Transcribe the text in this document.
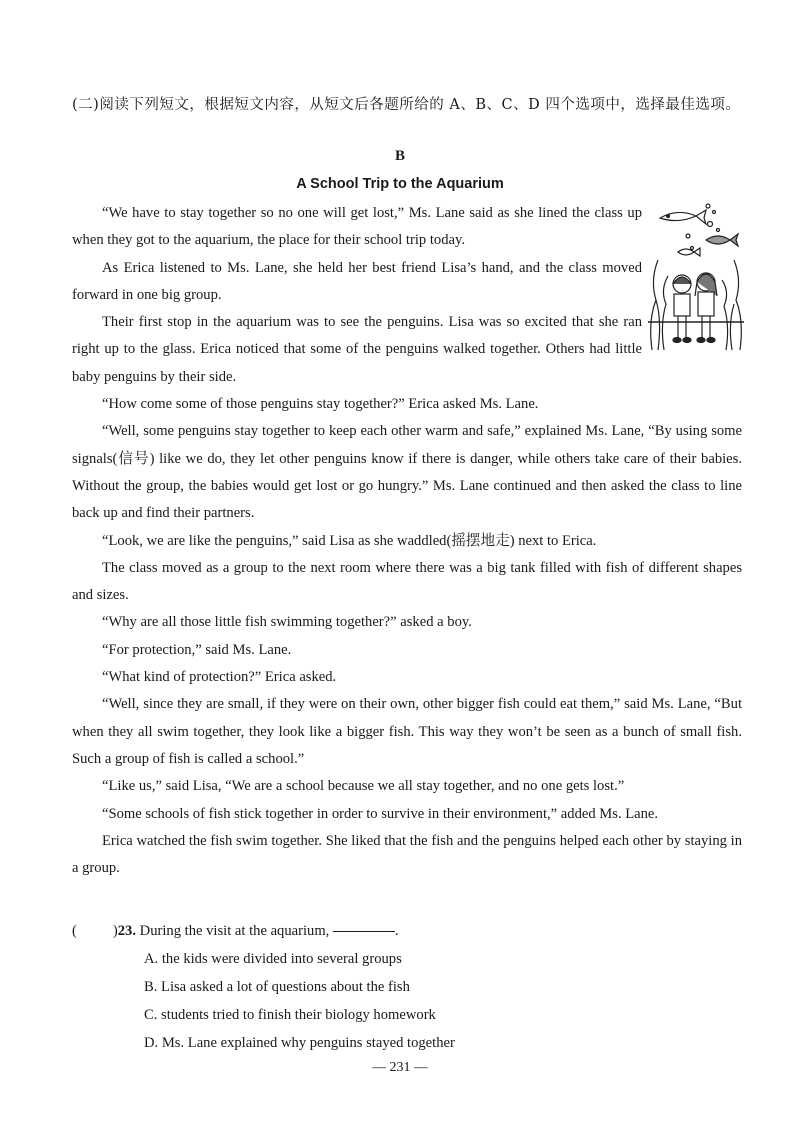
(二)阅读下列短文，根据短文内容，从短文后各题所给的 A、B、C、D 四个选项中，选择最佳选项。

B
A School Trip to the Aquarium

“We have to stay together so no one will get lost,” Ms. Lane said as she lined the class up when they got to the aquarium, the place for their school trip today.

As Erica listened to Ms. Lane, she held her best friend Lisa’s hand, and the class moved forward in one big group.

Their first stop in the aquarium was to see the penguins. Lisa was so excited that she ran right up to the glass. Erica noticed that some of the penguins walked together. Others had little baby penguins by their side.

“How come some of those penguins stay together?” Erica asked Ms. Lane.

“Well, some penguins stay together to keep each other warm and safe,” explained Ms. Lane, “By using some signals(信号) like we do, they let other penguins know if there is danger, while others take care of their babies. Without the group, the babies would get lost or go hungry.” Ms. Lane continued and then asked the class to line back up and find their partners.

“Look, we are like the penguins,” said Lisa as she waddled(摇摆地走) next to Erica.

The class moved as a group to the next room where there was a big tank filled with fish of different shapes and sizes.

“Why are all those little fish swimming together?” asked a boy.

“For protection,” said Ms. Lane.

“What kind of protection?” Erica asked.

“Well, since they are small, if they were on their own, other bigger fish could eat them,” said Ms. Lane, “But when they all swim together, they look like a bigger fish. This way they won’t be seen as a bunch of small fish. Such a group of fish is called a school.”

“Like us,” said Lisa, “We are a school because we all stay together, and no one gets lost.”

“Some schools of fish stick together in order to survive in their environment,” added Ms. Lane.

Erica watched the fish swim together. She liked that the fish and the penguins helped each other by staying in a group.

( ) 23.
During the visit at the aquarium,
	.
A. the kids were divided into several groups
B. Lisa asked a lot of questions about the fish
C. students tried to finish their biology homework
D. Ms. Lane explained why penguins stayed together
— 231 —
